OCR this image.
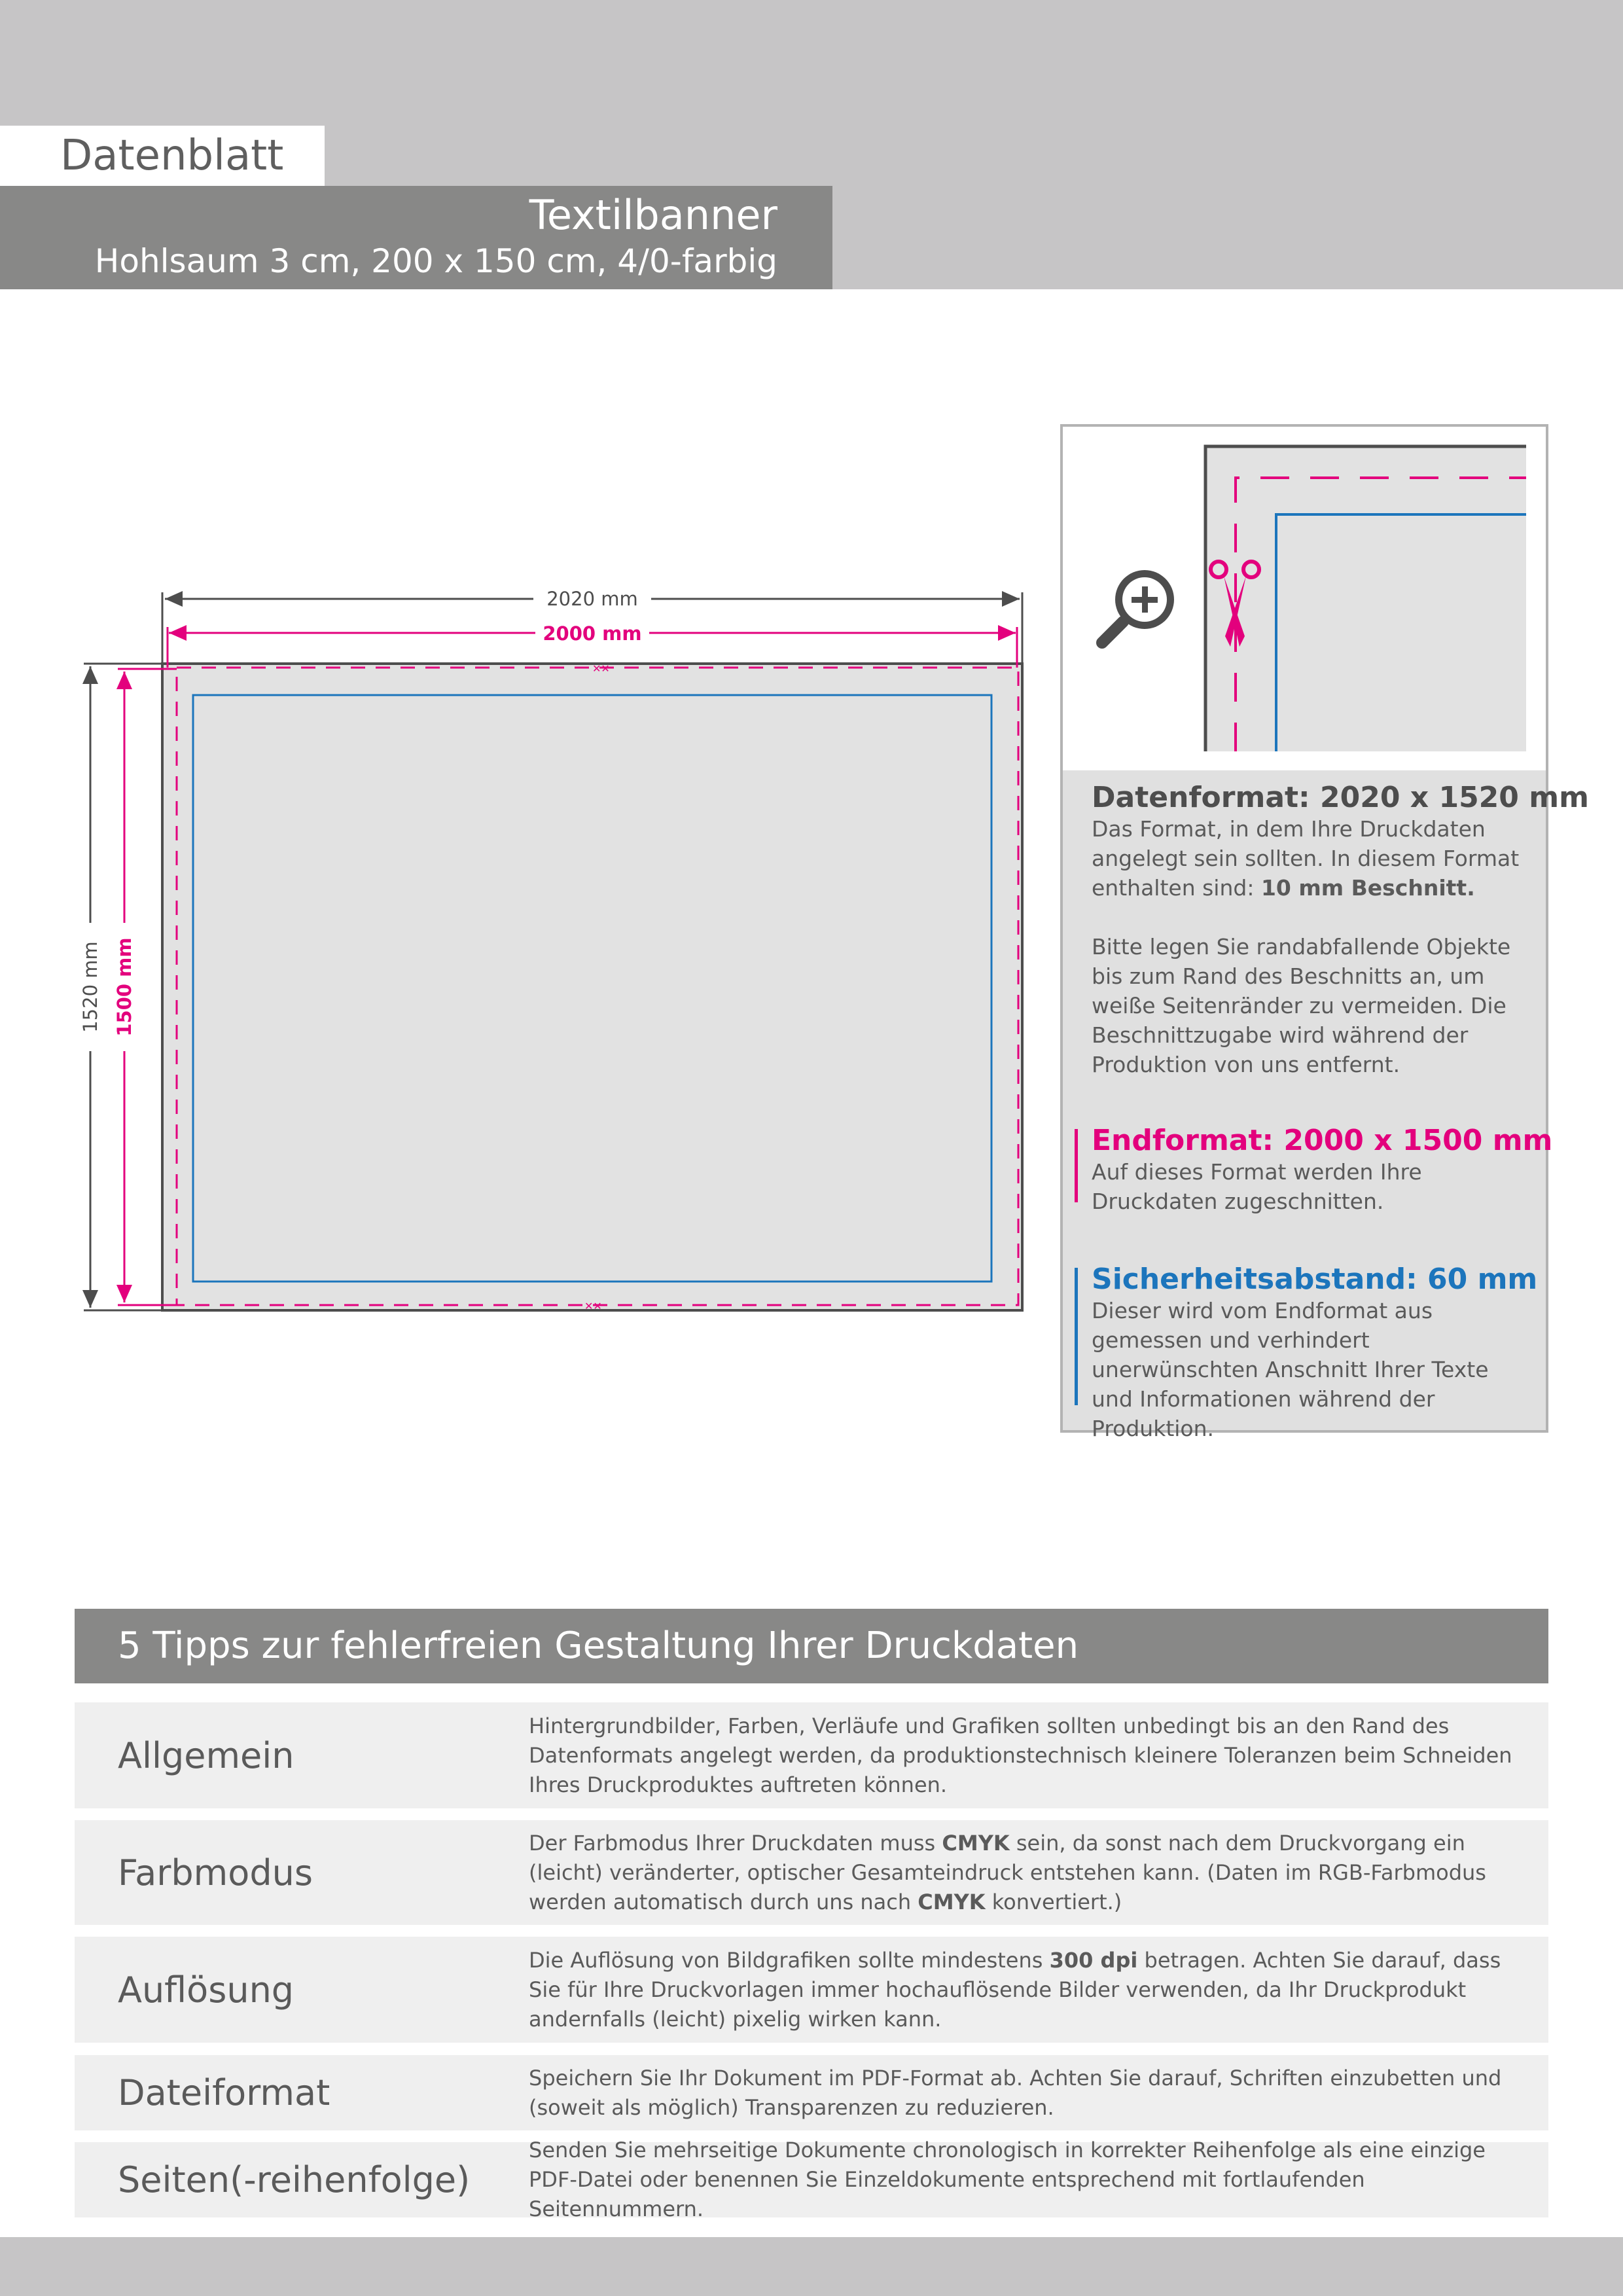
Datenblatt
Textilbanner
Hohlsaum 3 cm, 200 x 150 cm, 4/0-farbig
✕✕
✕✕
2020 mm
2000 mm
1520 mm 1500 mm
Datenformat: 2020 x 1520 mm
Das Format, in dem Ihre Druckdaten angelegt sein sollten. In diesem Format enthalten sind: 10 mm Beschnitt.
Bitte legen Sie randabfallende Objekte bis zum Rand des Beschnitts an, um weiße Seitenränder zu vermeiden. Die Beschnittzugabe wird während der Produktion von uns entfernt.
Endformat: 2000 x 1500 mm
Auf dieses Format werden Ihre Druckdaten zugeschnitten.
Sicherheitsabstand: 60 mm
Dieser wird vom Endformat aus gemessen und verhindert unerwünschten Anschnitt Ihrer Texte und Informationen während der Produktion.
5 Tipps zur fehlerfreien Gestaltung Ihrer Druckdaten
Allgemein
Hintergrundbilder, Farben, Verläufe und Grafiken sollten unbedingt bis an den Rand des Datenformats angelegt werden, da produktionstechnisch kleinere Toleranzen beim Schneiden Ihres Druckproduktes auftreten können.
Farbmodus
Der Farbmodus Ihrer Druckdaten muss CMYK sein, da sonst nach dem Druckvorgang ein (leicht) veränderter, optischer Gesamteindruck entstehen kann. (Daten im RGB-Farbmodus werden automatisch durch uns nach CMYK konvertiert.)
Auflösung
Die Auflösung von Bildgrafiken sollte mindestens 300 dpi betragen. Achten Sie darauf, dass Sie für Ihre Druckvorlagen immer hochauflösende Bilder verwenden, da Ihr Druckprodukt andernfalls (leicht) pixelig wirken kann.
Dateiformat	Speichern Sie Ihr Dokument im PDF-Format ab. Achten Sie darauf, Schriften einzubetten und (soweit als möglich) Transparenzen zu reduzieren.
Seiten(-reihenfolge)
Senden Sie mehrseitige Dokumente chronologisch in korrekter Reihenfolge als eine einzige PDF-Datei oder benennen Sie Einzeldokumente entsprechend mit fortlaufenden Seitennummern.
